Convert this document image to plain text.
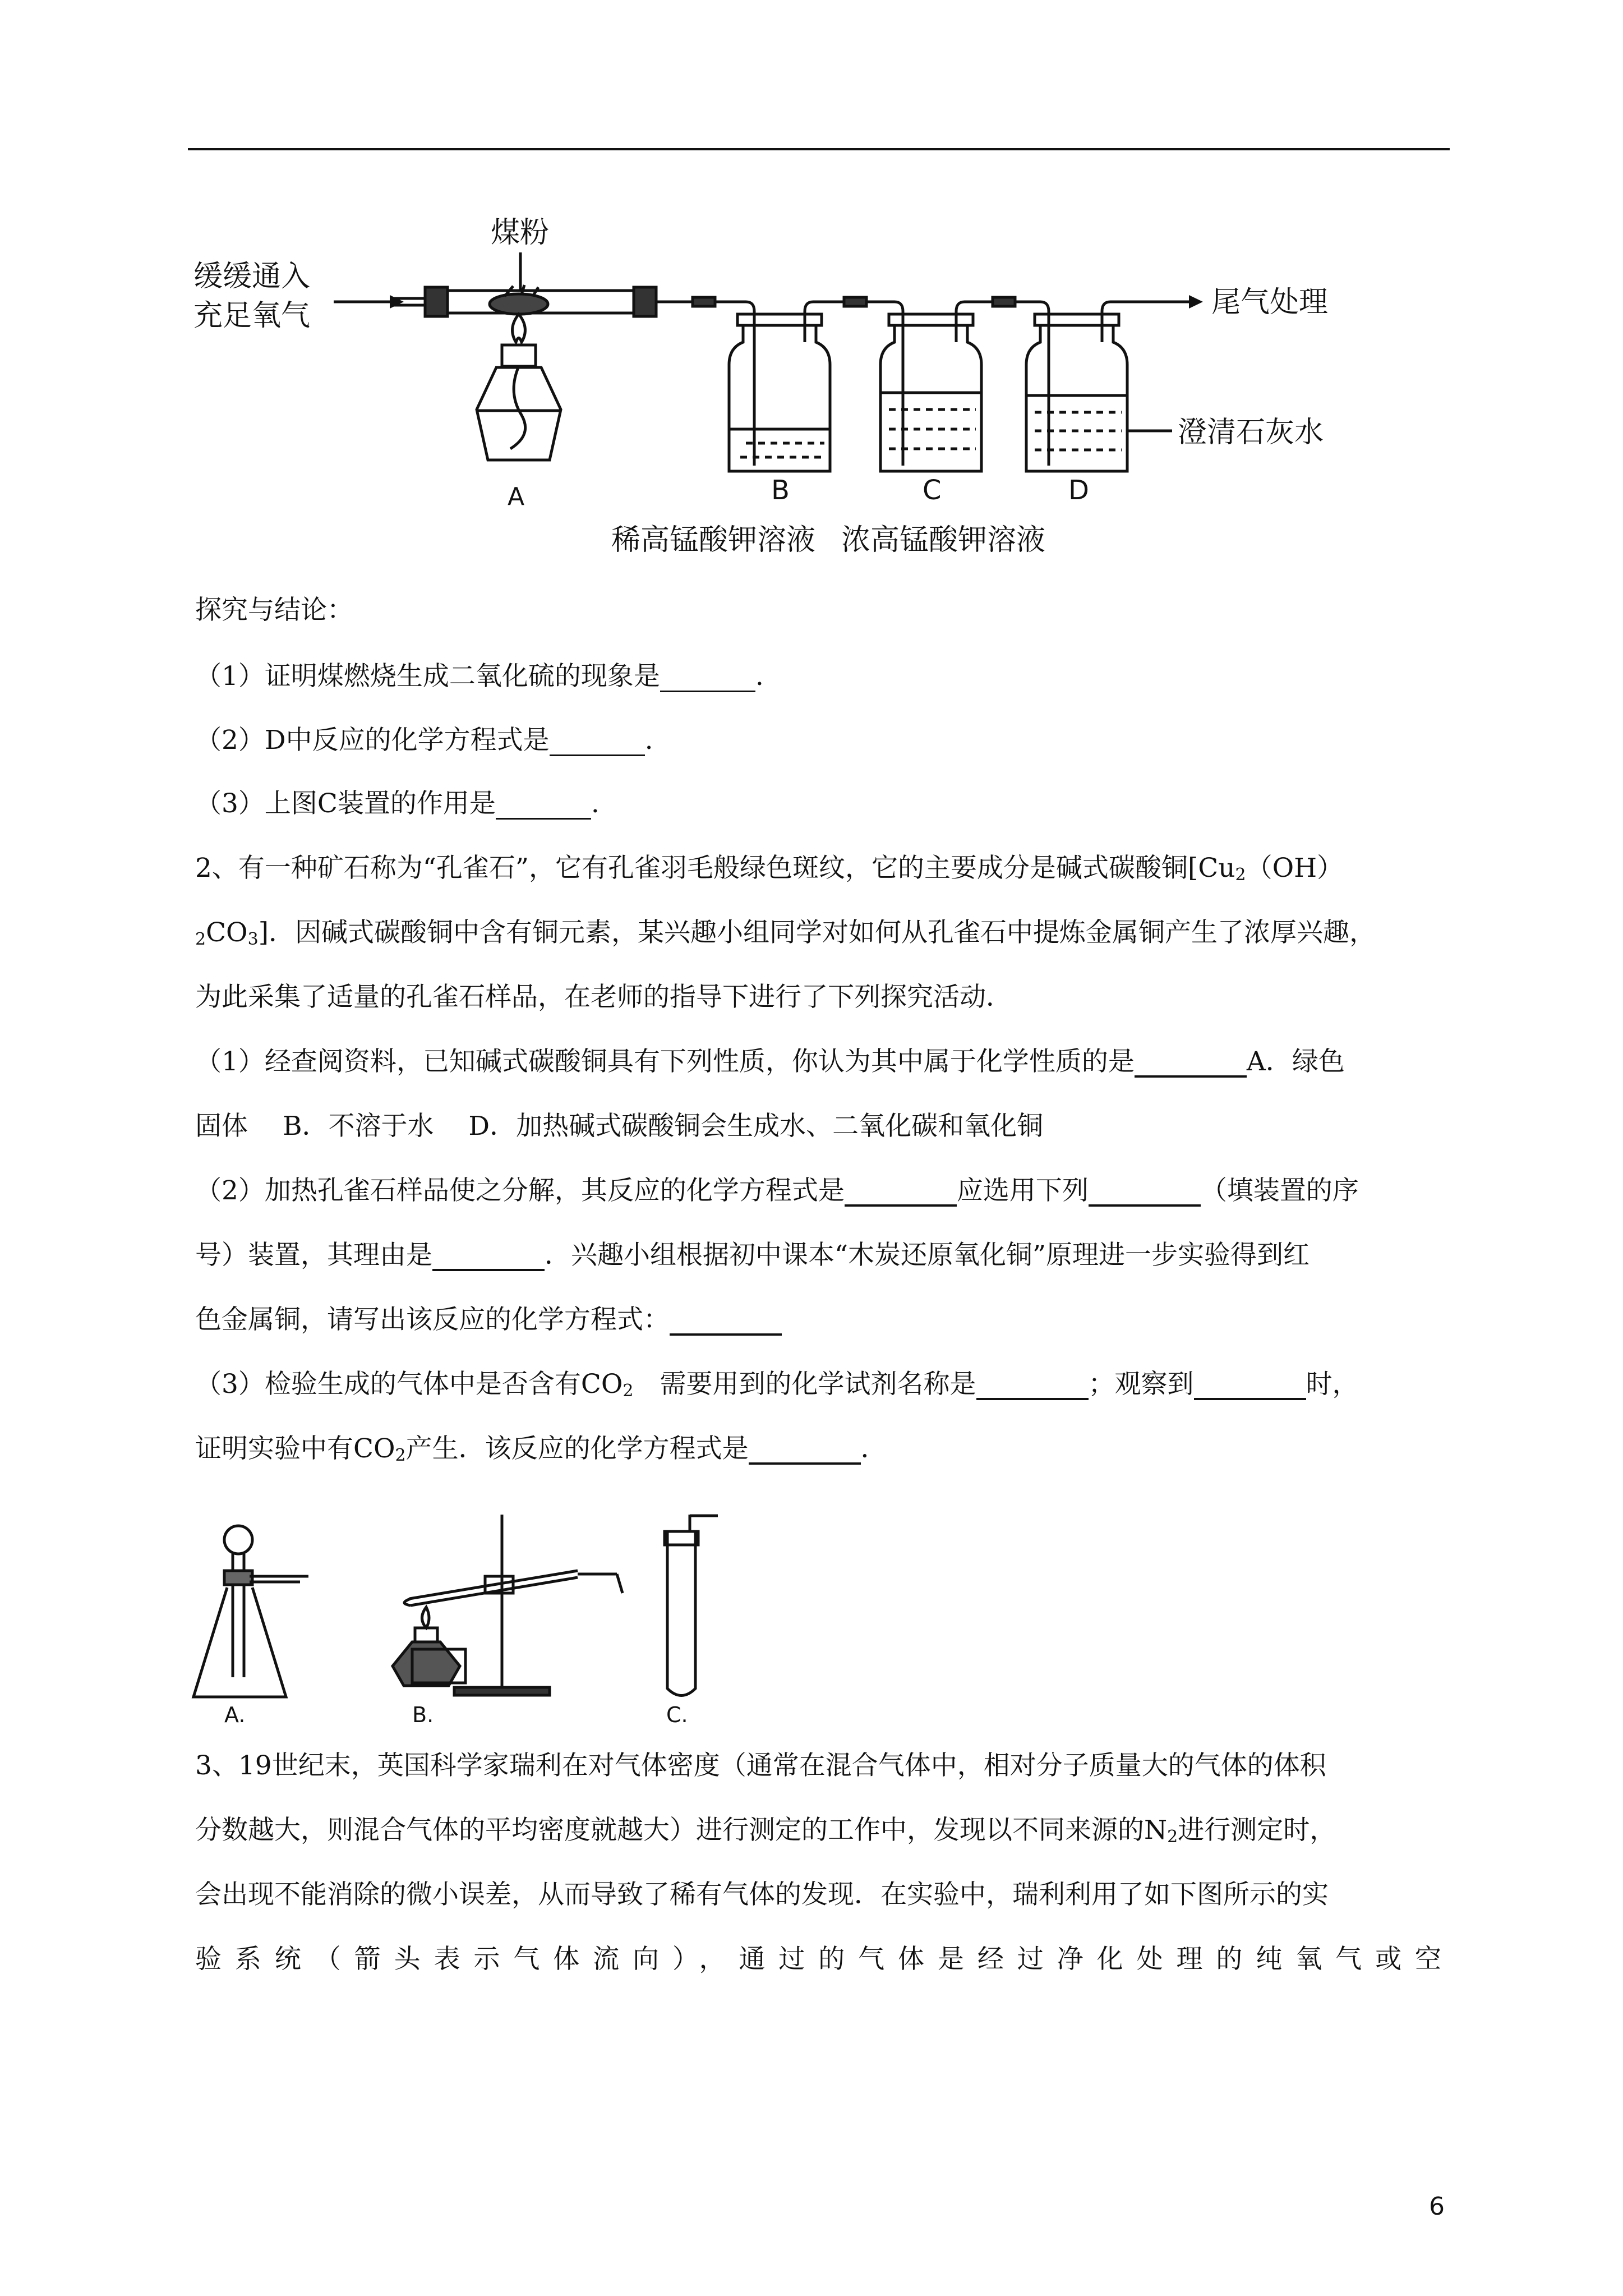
缓缓通入
充足氧气
煤粉
尾气处理
澄清石灰水
A	B	C	D
稀高锰酸钾溶液 浓高锰酸钾溶液
探究与结论：
（1）证明煤燃烧生成二氧化硫的现象是	.
（2）D中反应的化学方程式是	.
（3）上图C装置的作用是	.
2、有一种矿石称为“孔雀石”，它有孔雀羽毛般绿色斑纹，它的主要成分是碱式碳酸铜[$Cu_2(OH)$
$_2CO_3$]．因碱式碳酸铜中含有铜元素，某兴趣小组同学对如何从孔雀石中提炼金属铜产生了浓厚兴趣，
为此采集了适量的孔雀石样品，在老师的指导下进行了下列探究活动．
（1）经查阅资料，已知碱式碳酸铜具有下列性质，你认为其中属于化学性质的是	A．绿色
固体　 B．不溶于水　 D．加热碱式碳酸铜会生成水、二氧化碳和氧化铜
（2）加热孔雀石样品使之分解，其反应的化学方程式是	应选用下列	（填装置的序
号）装置，其理由是	．兴趣小组根据初中课本“木炭还原氧化铜”原理进一步实验得到红
色金属铜，请写出该反应的化学方程式：
（3）检验生成的气体中是否含有$CO_2$　需要用到的化学试剂名称是	；观察到	时，
证明实验中有$CO_2$产生．该反应的化学方程式是	．
A.	B.	C.
3、19世纪末，英国科学家瑞利在对气体密度（通常在混合气体中，相对分子质量大的气体的体积
分数越大，则混合气体的平均密度就越大）进行测定的工作中，发现以不同来源的$N_2$进行测定时，
会出现不能消除的微小误差，从而导致了稀有气体的发现．在实验中，瑞利利用了如下图所示的实
验系统（箭头表示气体流向），通过的气体是经过净化处理的纯氧气或空
6
